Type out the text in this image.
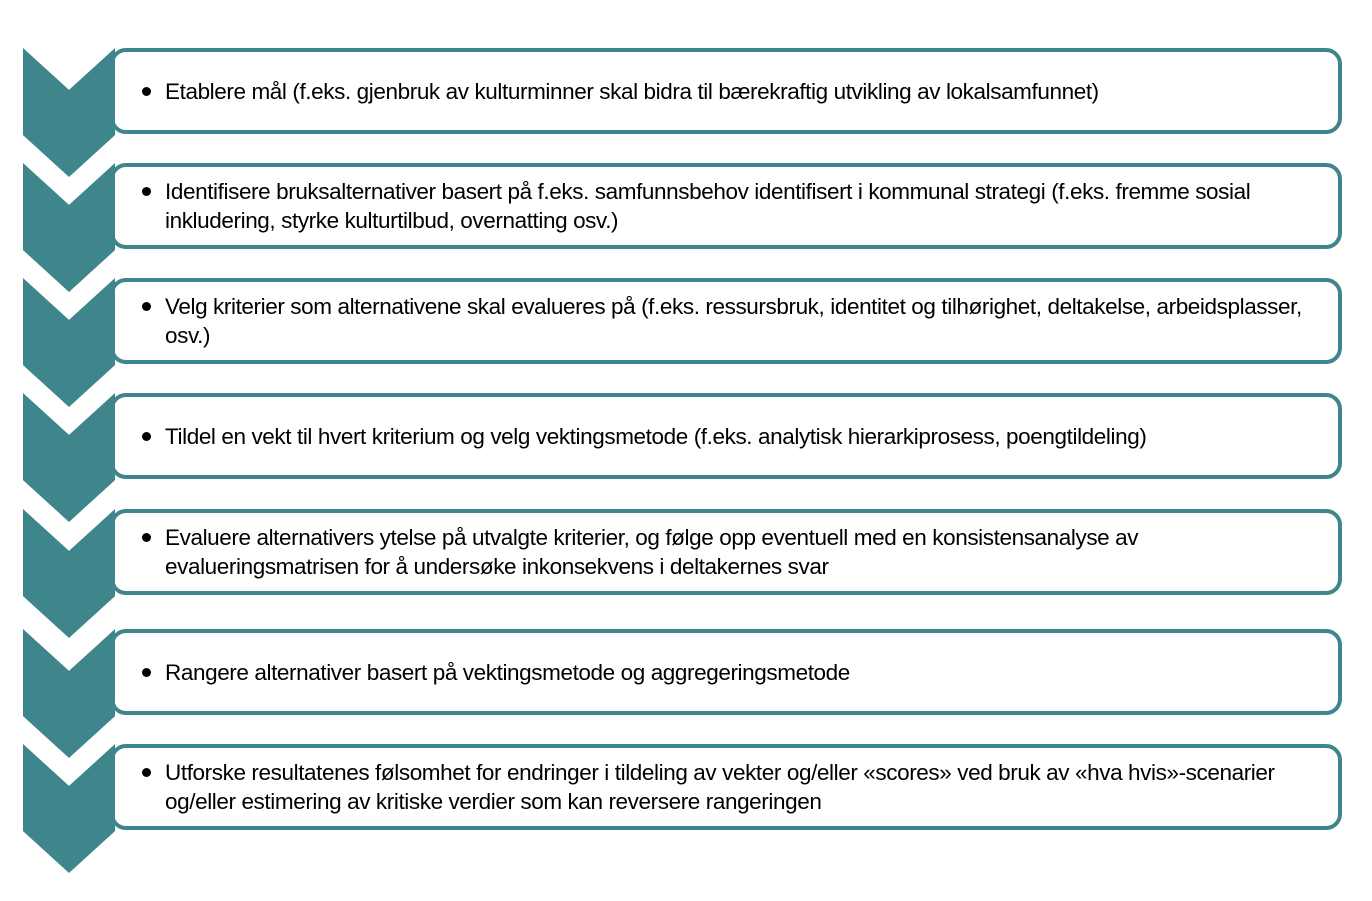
Etablere mål (f.eks. gjenbruk av kulturminner skal bidra til bærekraftig utvikling av lokalsamfunnet)
Identifisere bruksalternativer basert på f.eks. samfunnsbehov identifisert i kommunal strategi (f.eks. fremme sosial inkludering, styrke kulturtilbud, overnatting osv.)
Velg kriterier som alternativene skal evalueres på (f.eks. ressursbruk, identitet og tilhørighet, deltakelse, arbeidsplasser, osv.)
Tildel en vekt til hvert kriterium og velg vektingsmetode (f.eks. analytisk hierarkiprosess, poengtildeling)
Evaluere alternativers ytelse på utvalgte kriterier, og følge opp eventuell med en konsistensanalyse av evalueringsmatrisen for å undersøke inkonsekvens i deltakernes svar
Rangere alternativer basert på vektingsmetode og aggregeringsmetode
Utforske resultatenes følsomhet for endringer i tildeling av vekter og/eller «scores» ved bruk av «hva hvis»-scenarier og/eller estimering av kritiske verdier som kan reversere rangeringen
